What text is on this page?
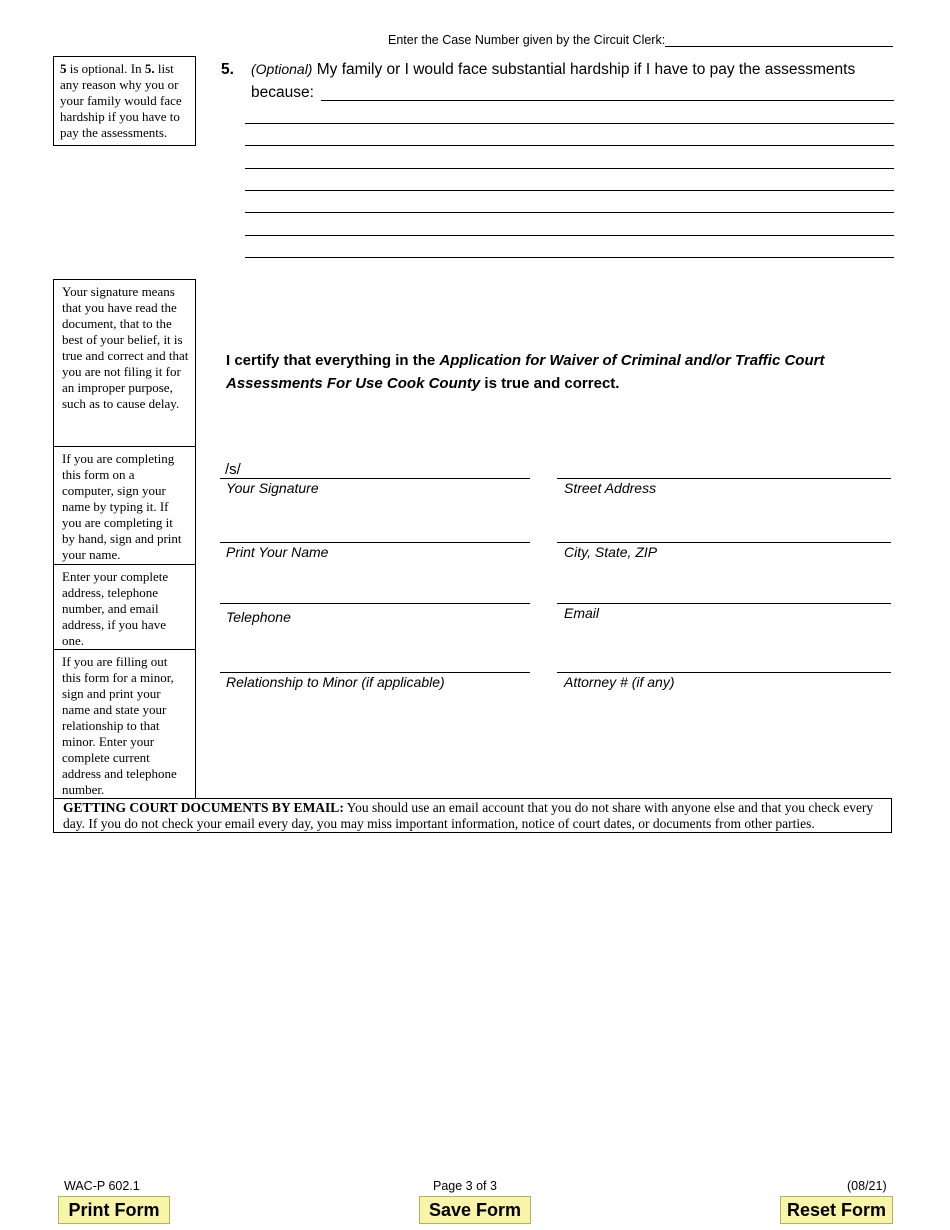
Enter the Case Number given by the Circuit Clerk:
5 is optional. In 5. list any reason why you or your family would face hardship if you have to pay the assessments.
5. (Optional) My family or I would face substantial hardship if I have to pay the assessments
because:
Your signature means that you have read the document, that to the best of your belief, it is true and correct and that you are not filing it for an improper purpose, such as to cause delay.
If you are completing this form on a computer, sign your name by typing it. If you are completing it by hand, sign and print your name.
Enter your complete address, telephone number, and email address, if you have one.
If you are filling out this form for a minor, sign and print your name and state your relationship to that minor. Enter your complete current address and telephone number.
I certify that everything in the Application for Waiver of Criminal and/or Traffic Court Assessments For Use Cook County is true and correct.
/s/
Your Signature	Street Address
Print Your Name	City, State, ZIP
Telephone	Email
Relationship to Minor (if applicable)	Attorney # (if any)
GETTING COURT DOCUMENTS BY EMAIL: You should use an email account that you do not share with anyone else and that you check every day. If you do not check your email every day, you may miss important information, notice of court dates, or documents from other parties.
WAC-P 602.1	Page 3 of 3	(08/21)
Print Form	Save Form	Reset Form
